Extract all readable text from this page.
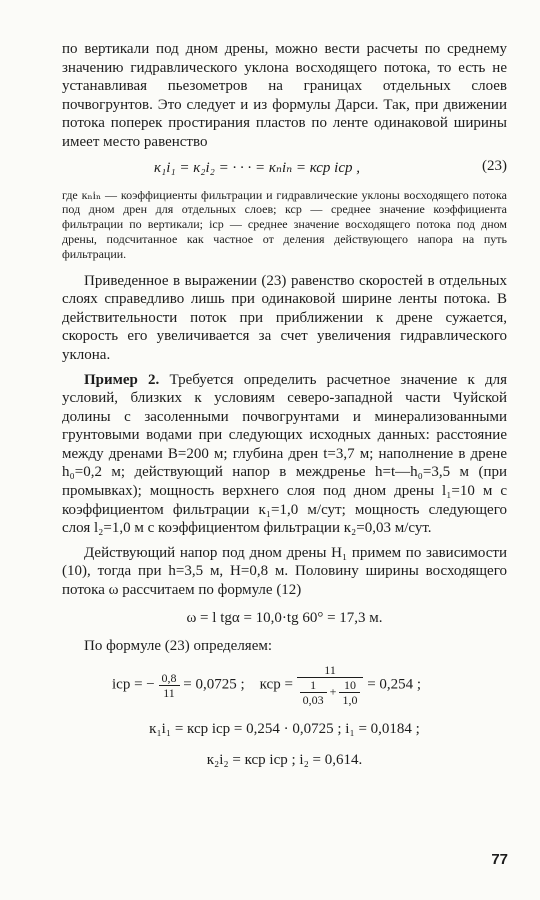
по вертикали под дном дрены, можно вести расчеты по среднему значению гидравлического уклона восходящего потока, то есть не устанавливая пьезометров на границах отдельных слоев почвогрунтов. Это следует и из формулы Дарси. Так, при движении потока поперек простирания пластов по ленте одинаковой ширины имеет место равенство

к₁i₁ = к₂i₂ = · · · = кₙiₙ = кср iср ,	(23)

где кₙiₙ — коэффициенты фильтрации и гидравлические уклоны восходящего потока под дном дрен для отдельных слоев; кср — среднее значение коэффициента фильтрации по вертикали; iср — среднее значение восходящего потока под дном дрены, подсчитанное как частное от деления действующего напора на путь фильтрации.

Приведенное в выражении (23) равенство скоростей в отдельных слоях справедливо лишь при одинаковой ширине ленты потока. В действительности поток при приближении к дрене сужается, скорость его увеличивается за счет увеличения гидравлического уклона.

Пример 2. Требуется определить расчетное значение к для условий, близких к условиям северо-западной части Чуйской долины с засоленными почвогрунтами и минерализованными грунтовыми водами при следующих исходных данных: расстояние между дренами B=200 м; глубина дрен t=3,7 м; наполнение в дрене h₀=0,2 м; действующий напор в междренье h=t—h₀=3,5 м (при промывках); мощность верхнего слоя под дном дрены l₁=10 м с коэффициентом фильтрации к₁=1,0 м/сут; мощность следующего слоя l₂=1,0 м с коэффициентом фильтрации к₂=0,03 м/сут.

Действующий напор под дном дрены H₁ примем по зависимости (10), тогда при h=3,5 м, H=0,8 м. Половину ширины восходящего потока ω рассчитаем по формуле (12)

ω = l tgα = 10,0·tg 60° = 17,3 м.

По формуле (23) определяем:

iср = − $\frac{0,8}{11} = 0,0725$ ; кср = $\frac{11}{\frac{1}{0,03} + \frac{10}{1,0}} = 0,254$ ;
к₁i₁ = кср iср = 0,254 · 0,0725 ; i₁ = 0,0184 ;
к₂i₂ = кср iср ; i₂ = 0,614.
77
